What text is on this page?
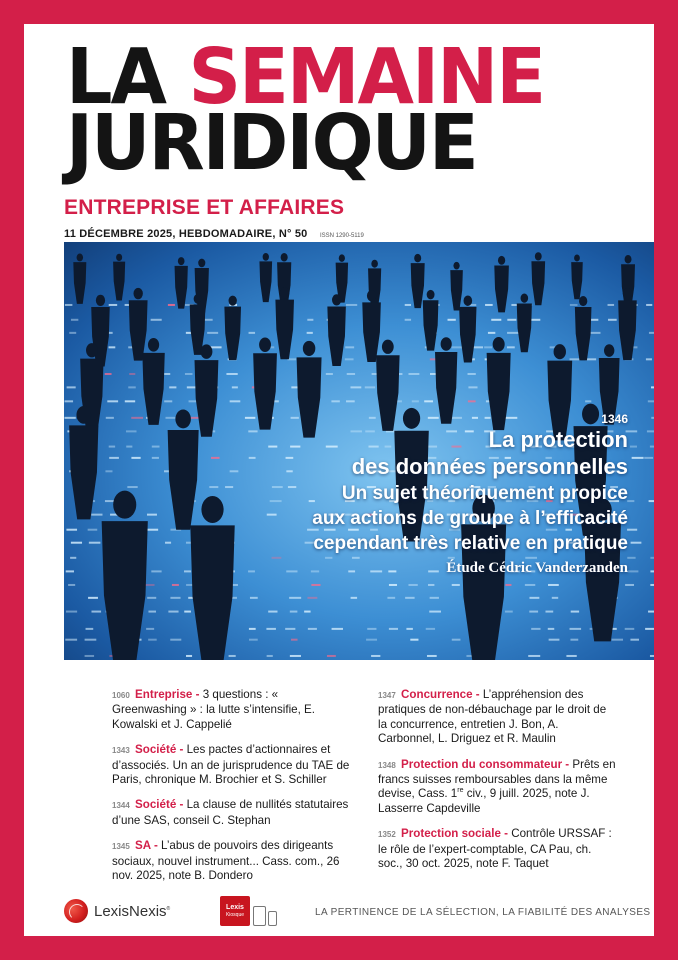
LA SEMAINE
JURIDIQUE
ENTREPRISE ET AFFAIRES
11 DÉCEMBRE 2025, HEBDOMADAIRE, N° 50 ISSN 1290-5119
1346
La protection
des données personnelles
Un sujet théoriquement propice
aux actions de groupe à l’efficacité
cependant très relative en pratique
Étude Cédric Vanderzanden
1060 Entreprise - 3 questions : « Greenwashing » : la lutte s’intensifie, E. Kowalski et J. Cappelié
1343 Société - Les pactes d’actionnaires et d’associés. Un an de jurisprudence du TAE de Paris, chronique M. Brochier et S. Schiller
1344 Société - La clause de nullités statutaires d’une SAS, conseil C. Stephan
1345 SA - L’abus de pouvoirs des dirigeants sociaux, nouvel instrument... Cass. com., 26 nov. 2025, note B. Dondero
1347 Concurrence - L’appréhension des pratiques de non-débauchage par le droit de la concurrence, entretien J. Bon, A. Carbonnel, L. Driguez et R. Maulin
1348 Protection du consommateur - Prêts en francs suisses remboursables dans la même devise, Cass. 1re civ., 9 juill. 2025, note J. Lasserre Capdeville
1352 Protection sociale - Contrôle URSSAF : le rôle de l’expert-comptable, CA Pau, ch. soc., 30 oct. 2025, note F. Taquet
LexisNexis®	Lexis
Kiosque	LA PERTINENCE DE LA SÉLECTION, LA FIABILITÉ DES ANALYSES
